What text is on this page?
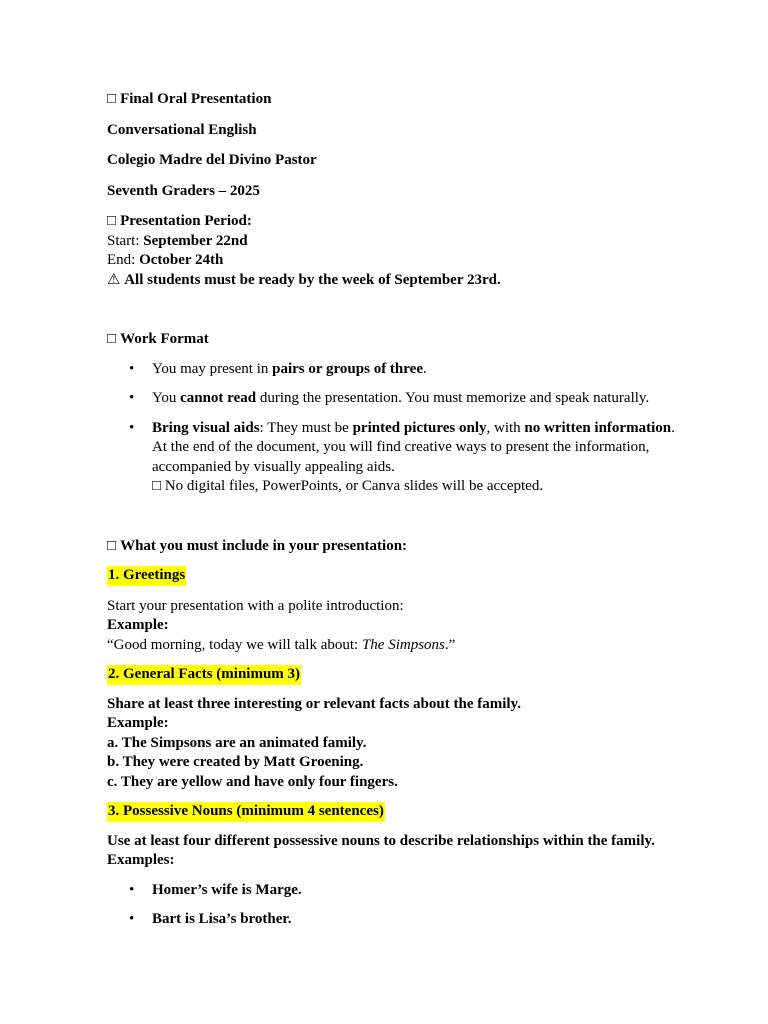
□ Final Oral Presentation

Conversational English

Colegio Madre del Divino Pastor

Seventh Graders – 2025

□ Presentation Period:

Start: September 22nd

End: October 24th

⚠ All students must be ready by the week of September 23rd.

□ Work Format

• You may present in pairs or groups of three.
• You cannot read during the presentation. You must memorize and speak naturally.
• Bring visual aids: They must be printed pictures only, with no written information. At the end of the document, you will find creative ways to present the information, accompanied by visually appealing aids.
□ No digital files, PowerPoints, or Canva slides will be accepted.

□ What you must include in your presentation:

1. Greetings

Start your presentation with a polite introduction:

Example:

“Good morning, today we will talk about: The Simpsons.”

2. General Facts (minimum 3)

Share at least three interesting or relevant facts about the family.

Example:

a. The Simpsons are an animated family.

b. They were created by Matt Groening.

c. They are yellow and have only four fingers.

3. Possessive Nouns (minimum 4 sentences)

Use at least four different possessive nouns to describe relationships within the family.

Examples:

• Homer’s wife is Marge.
• Bart is Lisa’s brother.
